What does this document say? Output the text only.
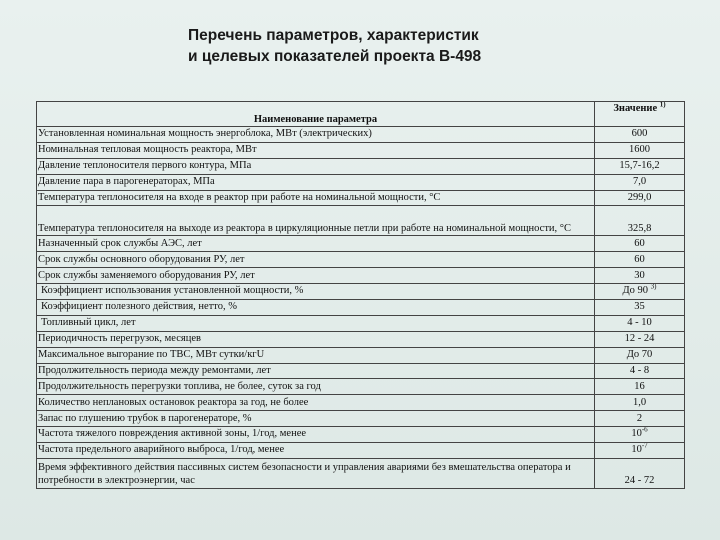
Перечень параметров, характеристик
и целевых показателей проекта В-498
Наименование параметра	Значение $^{1)}$
Установленная номинальная мощность энергоблока, МВт (электрических)	600
Номинальная тепловая мощность реактора, МВт	1600
Давление теплоносителя первого контура, МПа	15,7-16,2
Давление пара в парогенераторах, МПа	7,0
Температура теплоносителя на входе в реактор при работе на номинальной мощности, °С	299,0
Температура теплоносителя на выходе из реактора в циркуляционные петли при работе на номинальной мощности, °С	325,8
Назначенный срок службы АЭС, лет	60
Срок службы основного оборудования РУ, лет	60
Срок службы заменяемого оборудования РУ, лет	30
Коэффициент использования установленной мощности, %	До 90 $^{3)}$
Коэффициент полезного действия, нетто, %	35
Топливный цикл, лет	4 - 10
Периодичность перегрузок, месяцев	12 - 24
Максимальное выгорание по ТВС, МВт сутки/кгU	До 70
Продолжительность периода между ремонтами, лет	4 - 8
Продолжительность перегрузки топлива, не более, суток за год	16
Количество неплановых остановок реактора за год, не более	1,0
Запас по глушению трубок в парогенераторе, %	2
Частота тяжелого повреждения активной зоны, 1/год, менее	$10^{-6}$
Частота предельного аварийного выброса, 1/год, менее	$10^{-7}$
Время эффективного действия пассивных систем безопасности и управления авариями без вмешательства оператора и потребности в электроэнергии, час	24 - 72
